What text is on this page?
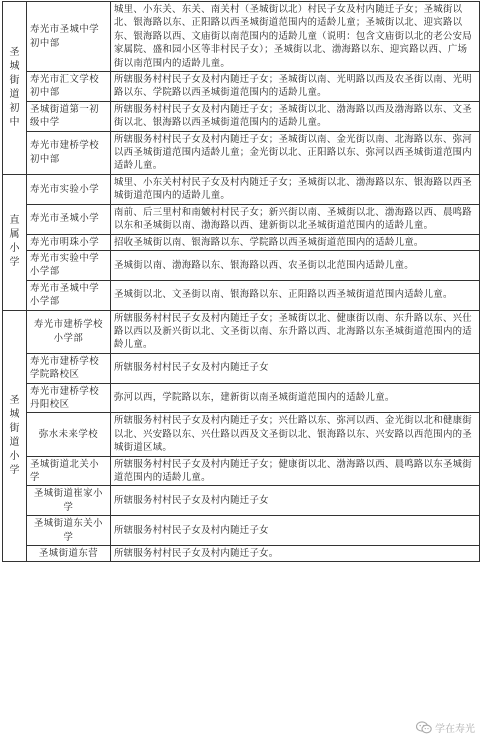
圣城街道初中	寿光市圣城中学初中部	城里、小东关、东关、南关村（圣城街以北）村民子女及村内随迁子女；圣城街以北、银海路以东、正阳路以西圣城街道范围内的适龄儿童；圣城街以北、迎宾路以东、银海路以西、文庙街以南范围内的适龄儿童（说明：包含文庙街以北的老公安局家属院、盛和园小区等非村民子女）；圣城街以北、渤海路以东、迎宾路以西、广场街以南范围内的适龄儿童。
	寿光市汇文学校初中部	所辖服务村村民子女及村内随迁子女；圣城街以南、光明路以西及农圣街以南、光明路以东、学院路以西圣城街道范围内的适龄儿童。
	圣城街道第一初级中学	所辖服务村村民子女及村内随迁子女；圣城街以北、渤海路以西及渤海路以东、文圣街以北、银海路以西圣城街道范围内的适龄儿童。
	寿光市建桥学校初中部	所辖服务村村民子女及村内随迁子女；圣城街以南、金光街以南、北海路以东、弥河以西圣城街道范围内适龄儿童；金光街以北、正阳路以东、弥河以西圣城街道范围内适龄儿童。

直属小学	寿光市实验小学	城里、小东关村村民子女及村内随迁子女；圣城街以北、渤海路以东、银海路以西圣城街道范围内的适龄儿童。
	寿光市圣城小学	南前、后三里村和南皴村村民子女；新兴街以南、圣城街以北、渤海路以西、晨鸣路以东和圣城街以南、渤海路以西、建新街以北圣城街道范围内的适龄儿童。
	寿光市明珠小学	招收圣城街以南、银海路以东、学院路以西圣城街道范围内的适龄儿童。
	寿光市实验中学小学部	圣城街以南、渤海路以东、银海路以西、农圣街以北范围内适龄儿童。
	寿光市圣城中学小学部	圣城街以北、文圣街以南、银海路以东、正阳路以西圣城街道范围内适龄儿童。

圣城街道小学	寿光市建桥学校小学部	所辖服务村村民子女及村内随迁子女；圣城街以北、健康街以南、东升路以东、兴仕路以西以及新兴街以北、文圣街以南、东升路以西、北海路以东圣城街道范围内的适龄儿童。
	寿光市建桥学校学院路校区	所辖服务村村民子女及村内随迁子女
	寿光市建桥学校丹阳校区	弥河以西，学院路以东，建新街以南圣城街道范围内的适龄儿童。
	弥水未来学校	所辖服务村村民子女及村内随迁子女；兴仕路以东、弥河以西、金光街以北和健康街以北、兴安路以东、兴仕路以西及文圣街以北、银海路以东、兴安路以西范围内的圣城街道区域。
	圣城街道北关小学	所辖服务村村民子女及村内随迁子女；健康街以北、渤海路以西、晨鸣路以东圣城街道范围内的适龄儿童。
	圣城街道崔家小学	所辖服务村村民子女及村内随迁子女
	圣城街道东关小学	所辖服务村村民子女及村内随迁子女
	圣城街道东营	所辖服务村村民子女及村内随迁子女。
学在寿光
